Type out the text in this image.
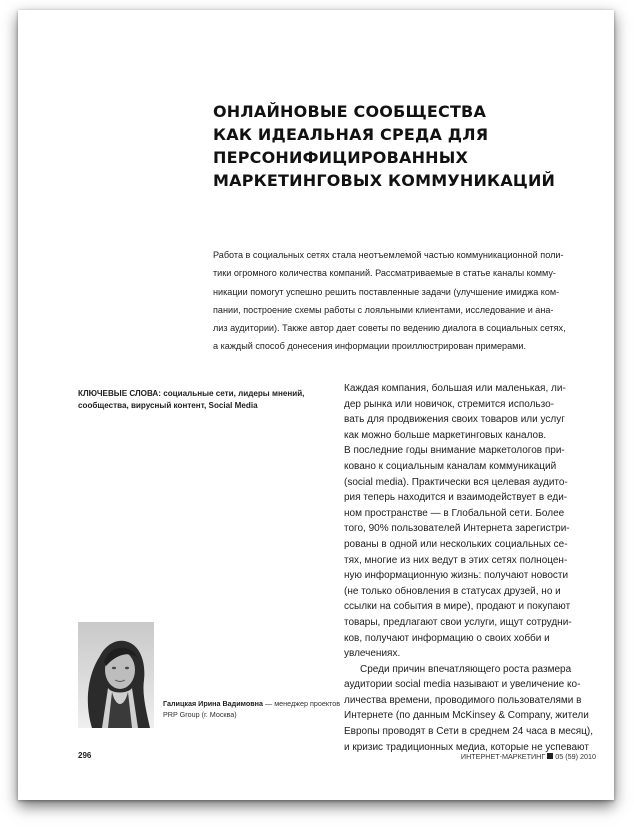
ОНЛАЙНОВЫЕ СООБЩЕСТВА
КАК ИДЕАЛЬНАЯ СРЕДА ДЛЯ
ПЕРСОНИФИЦИРОВАННЫХ
МАРКЕТИНГОВЫХ КОММУНИКАЦИЙ
Работа в социальных сетях стала неотъемлемой частью коммуникационной поли-
тики огромного количества компаний. Рассматриваемые в статье каналы комму-
никации помогут успешно решить поставленные задачи (улучшение имиджа ком-
пании, построение схемы работы с лояльными клиентами, исследование и ана-
лиз аудитории). Также автор дает советы по ведению диалога в социальных сетях,
а каждый способ донесения информации проиллюстрирован примерами.
КЛЮЧЕВЫЕ СЛОВА: социальные сети, лидеры мнений,
сообщества, вирусный контент, Social Media
Галицкая Ирина Вадимовна — менеджер проектов
PRP Group (г. Москва)
Каждая компания, большая или маленькая, ли-
дер рынка или новичок, стремится использо-
вать для продвижения своих товаров или услуг
как можно больше маркетинговых каналов.
В последние годы внимание маркетологов при-
ковано к социальным каналам коммуникаций
(social media). Практически вся целевая аудито-
рия теперь находится и взаимодействует в еди-
ном пространстве — в Глобальной сети. Более
того, 90% пользователей Интернета зарегистри-
рованы в одной или нескольких социальных се-
тях, многие из них ведут в этих сетях полноцен-
ную информационную жизнь: получают новости
(не только обновления в статусах друзей, но и
ссылки на события в мире), продают и покупают
товары, предлагают свои услуги, ищут сотрудни-
ков, получают информацию о своих хобби и
увлечениях.
Среди причин впечатляющего роста размера
аудитории social media называют и увеличение ко-
личества времени, проводимого пользователями в
Интернете (по данным McKinsey & Company, жители
Европы проводят в Сети в среднем 24 часа в месяц),
и кризис традиционных медиа, которые не успевают
296	ИНТЕРНЕТ-МАРКЕТИНГ 05 (59) 2010
